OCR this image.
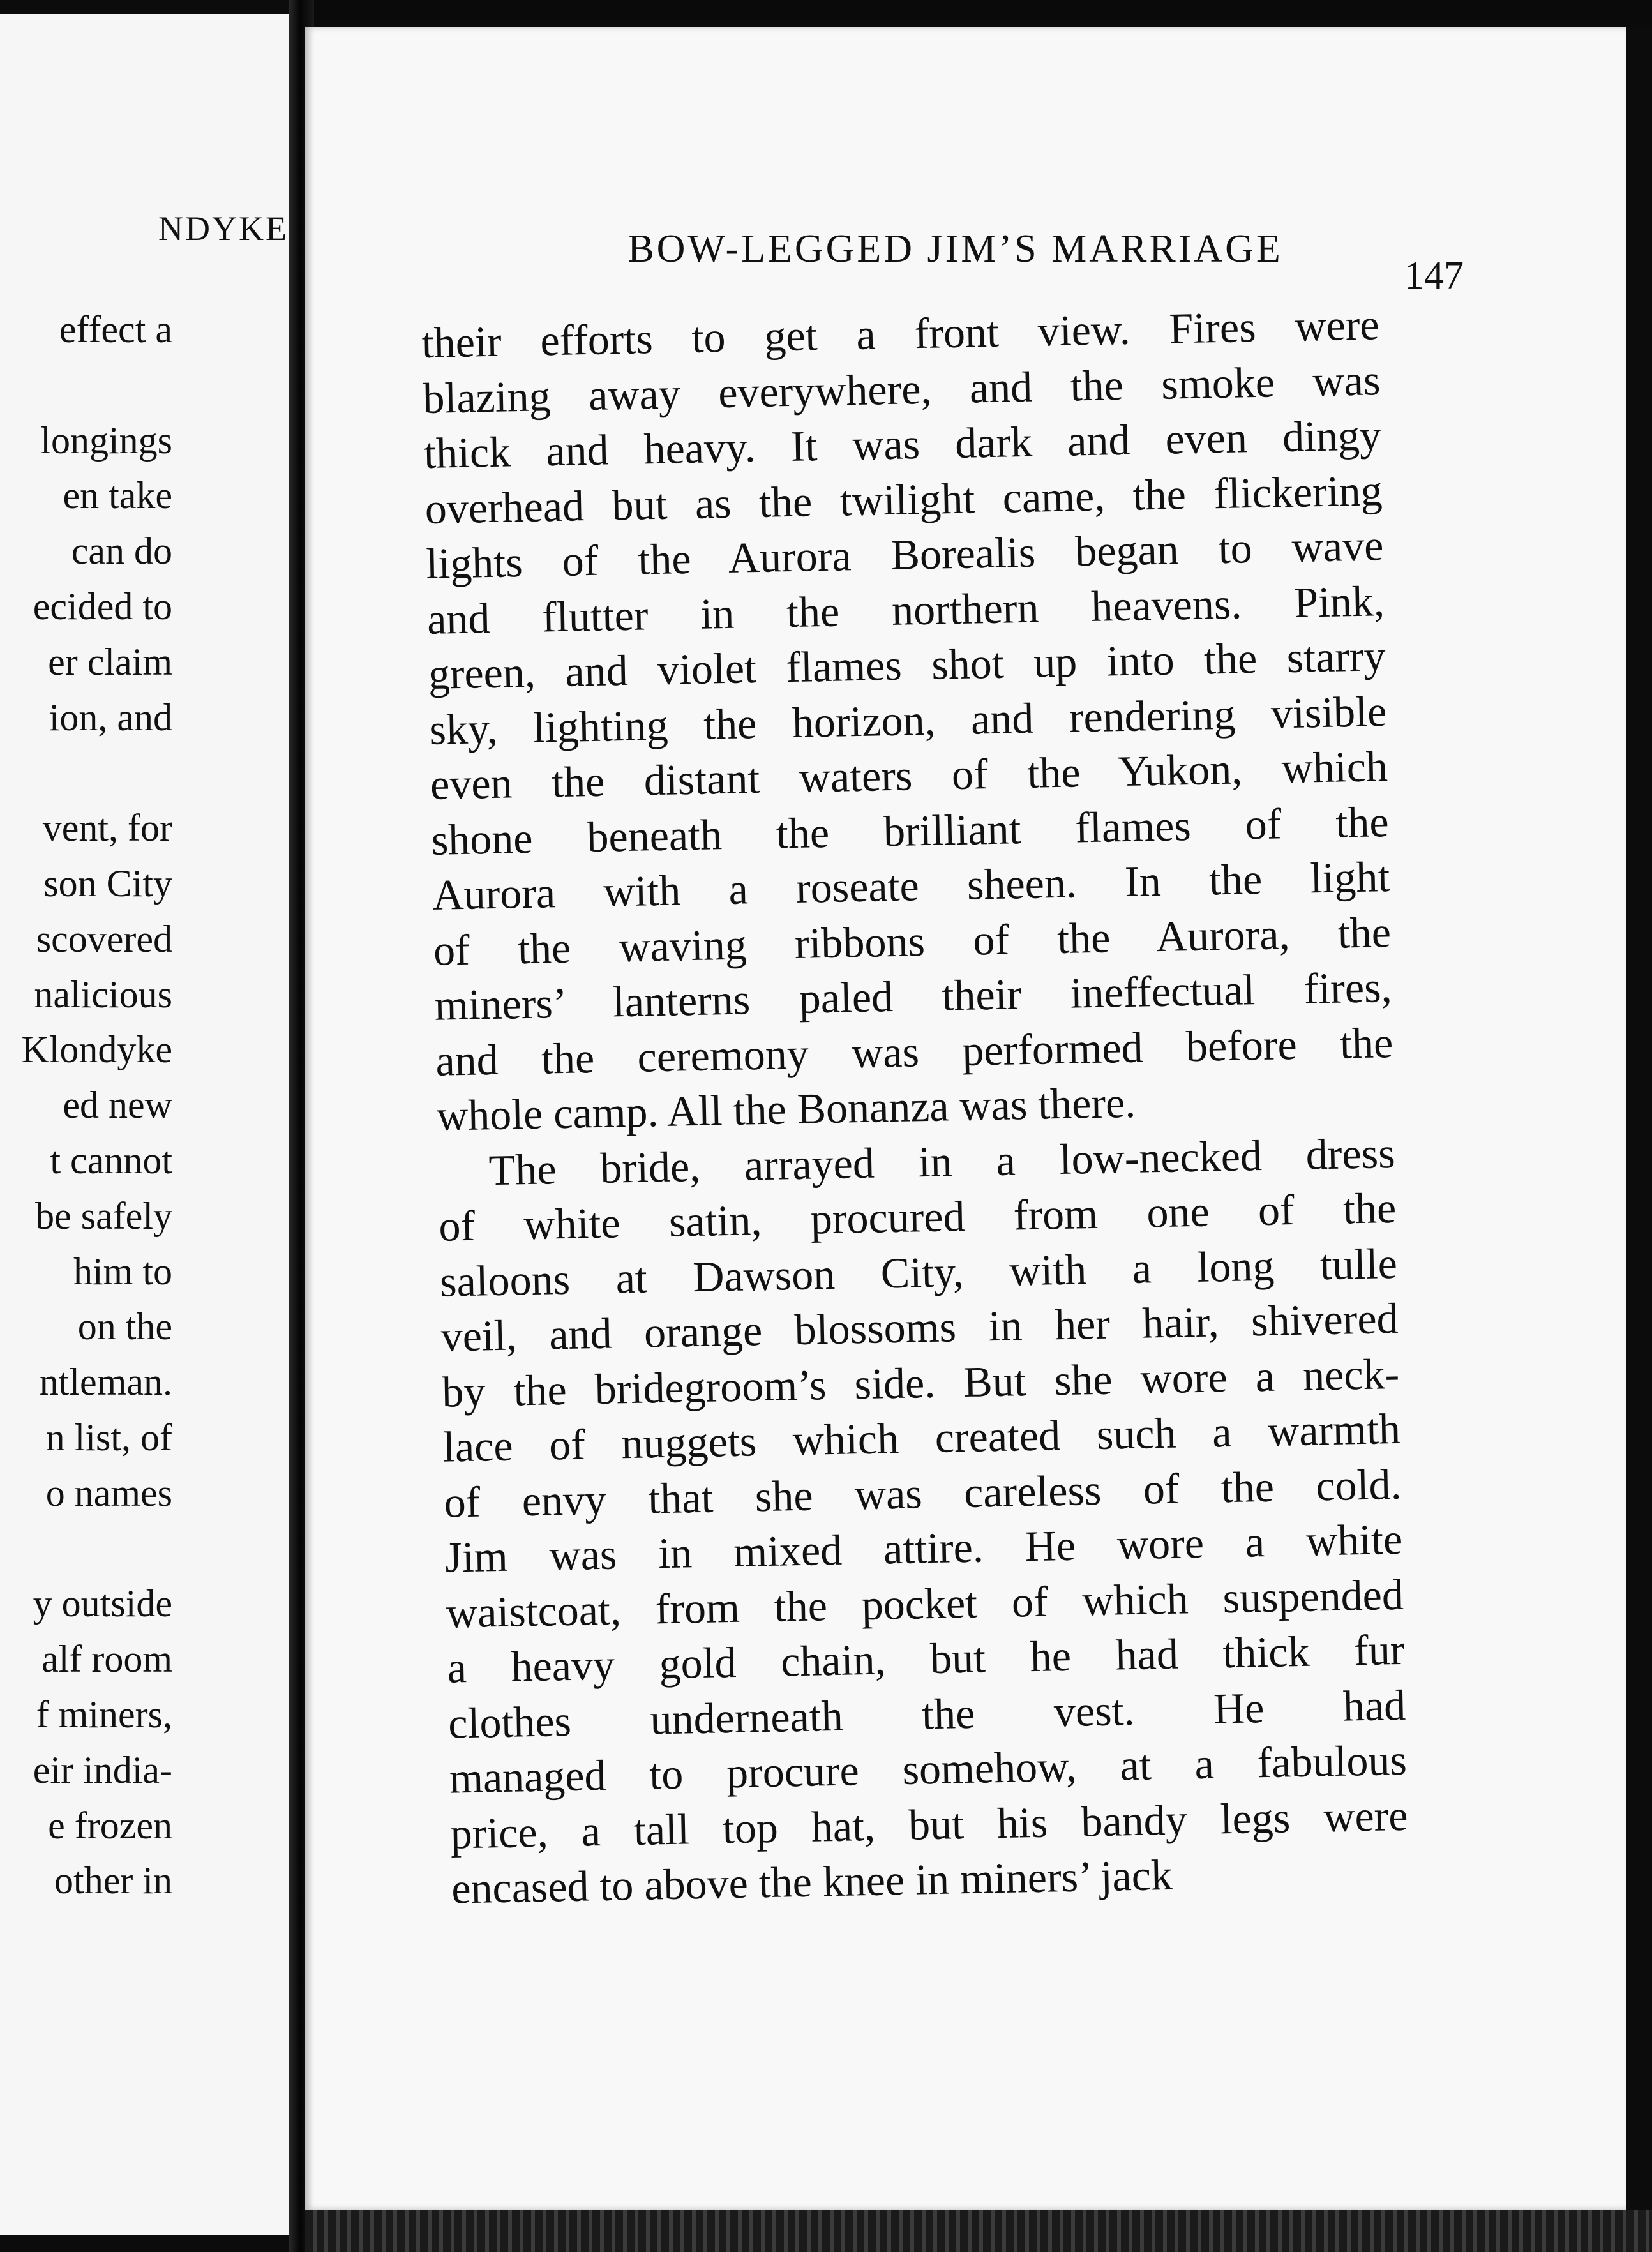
NDYKE
effect a
longings
en take
can do
ecided to
er claim
ion, and
vent, for
son City
scovered
nalicious
Klondyke
ed new
t cannot
be safely
him to
on the
ntleman.
n list, of
o names
y outside
alf room
f miners,
eir india-
e frozen
other in
BOW-LEGGED JIM’S MARRIAGE
147
their efforts to get a front view. Fires were
blazing away everywhere, and the smoke was
thick and heavy. It was dark and even dingy
overhead but as the twilight came, the flickering
lights of the Aurora Borealis began to wave
and flutter in the northern heavens. Pink,
green, and violet flames shot up into the starry
sky, lighting the horizon, and rendering visible
even the distant waters of the Yukon, which
shone beneath the brilliant flames of the
Aurora with a roseate sheen. In the light
of the waving ribbons of the Aurora, the
miners’ lanterns paled their ineffectual fires,
and the ceremony was performed before the
whole camp. All the Bonanza was there.
The bride, arrayed in a low-necked dress
of white satin, procured from one of the
saloons at Dawson City, with a long tulle
veil, and orange blossoms in her hair, shivered
by the bridegroom’s side. But she wore a neck-
lace of nuggets which created such a warmth
of envy that she was careless of the cold.
Jim was in mixed attire. He wore a white
waistcoat, from the pocket of which suspended
a heavy gold chain, but he had thick fur
clothes underneath the vest. He had
managed to procure somehow, at a fabulous
price, a tall top hat, but his bandy legs were
encased to above the knee in miners’ jack
